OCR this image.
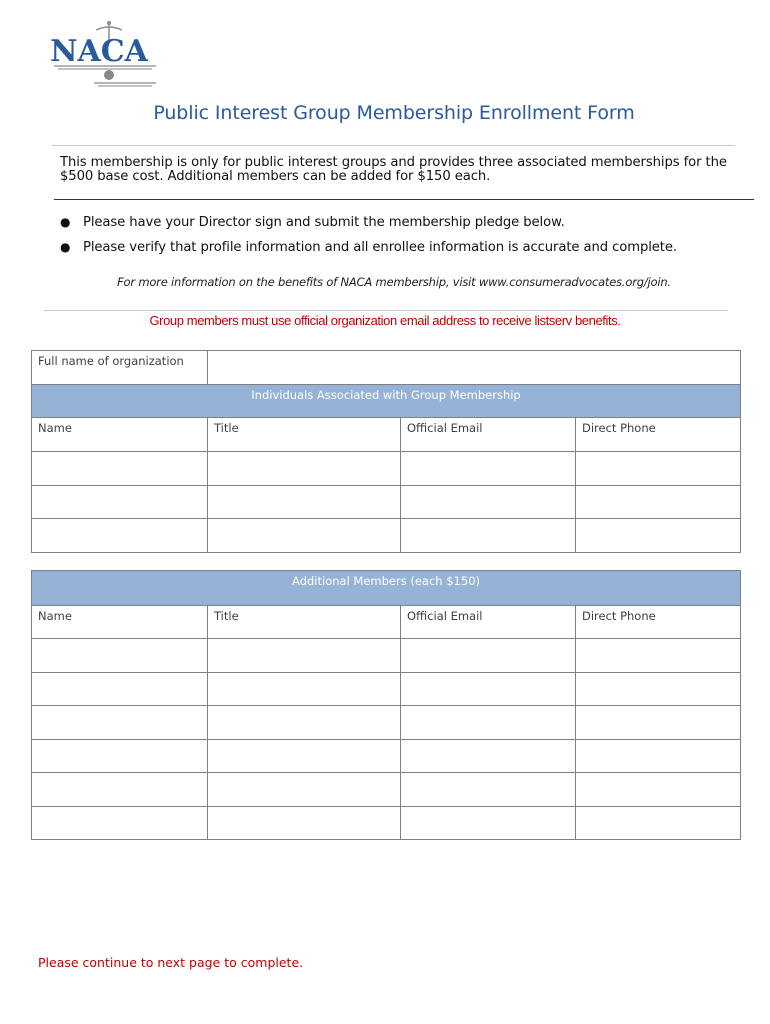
NACA
Public Interest Group Membership Enrollment Form
This membership is only for public interest groups and provides three associated memberships for the $500 base cost. Additional members can be added for $150 each.
● Please have your Director sign and submit the membership pledge below.
● Please verify that profile information and all enrollee information is accurate and complete.
For more information on the benefits of NACA membership, visit www.consumeradvocates.org/join.
Group members must use official organization email address to receive listserv benefits.
Full name of organization			

Individuals Associated with Group Membership			

Name	Title	Official Email	Direct Phone

Additional Members (each $150)			

Name	Title	Official Email	Direct Phone

Please continue to next page to complete.
